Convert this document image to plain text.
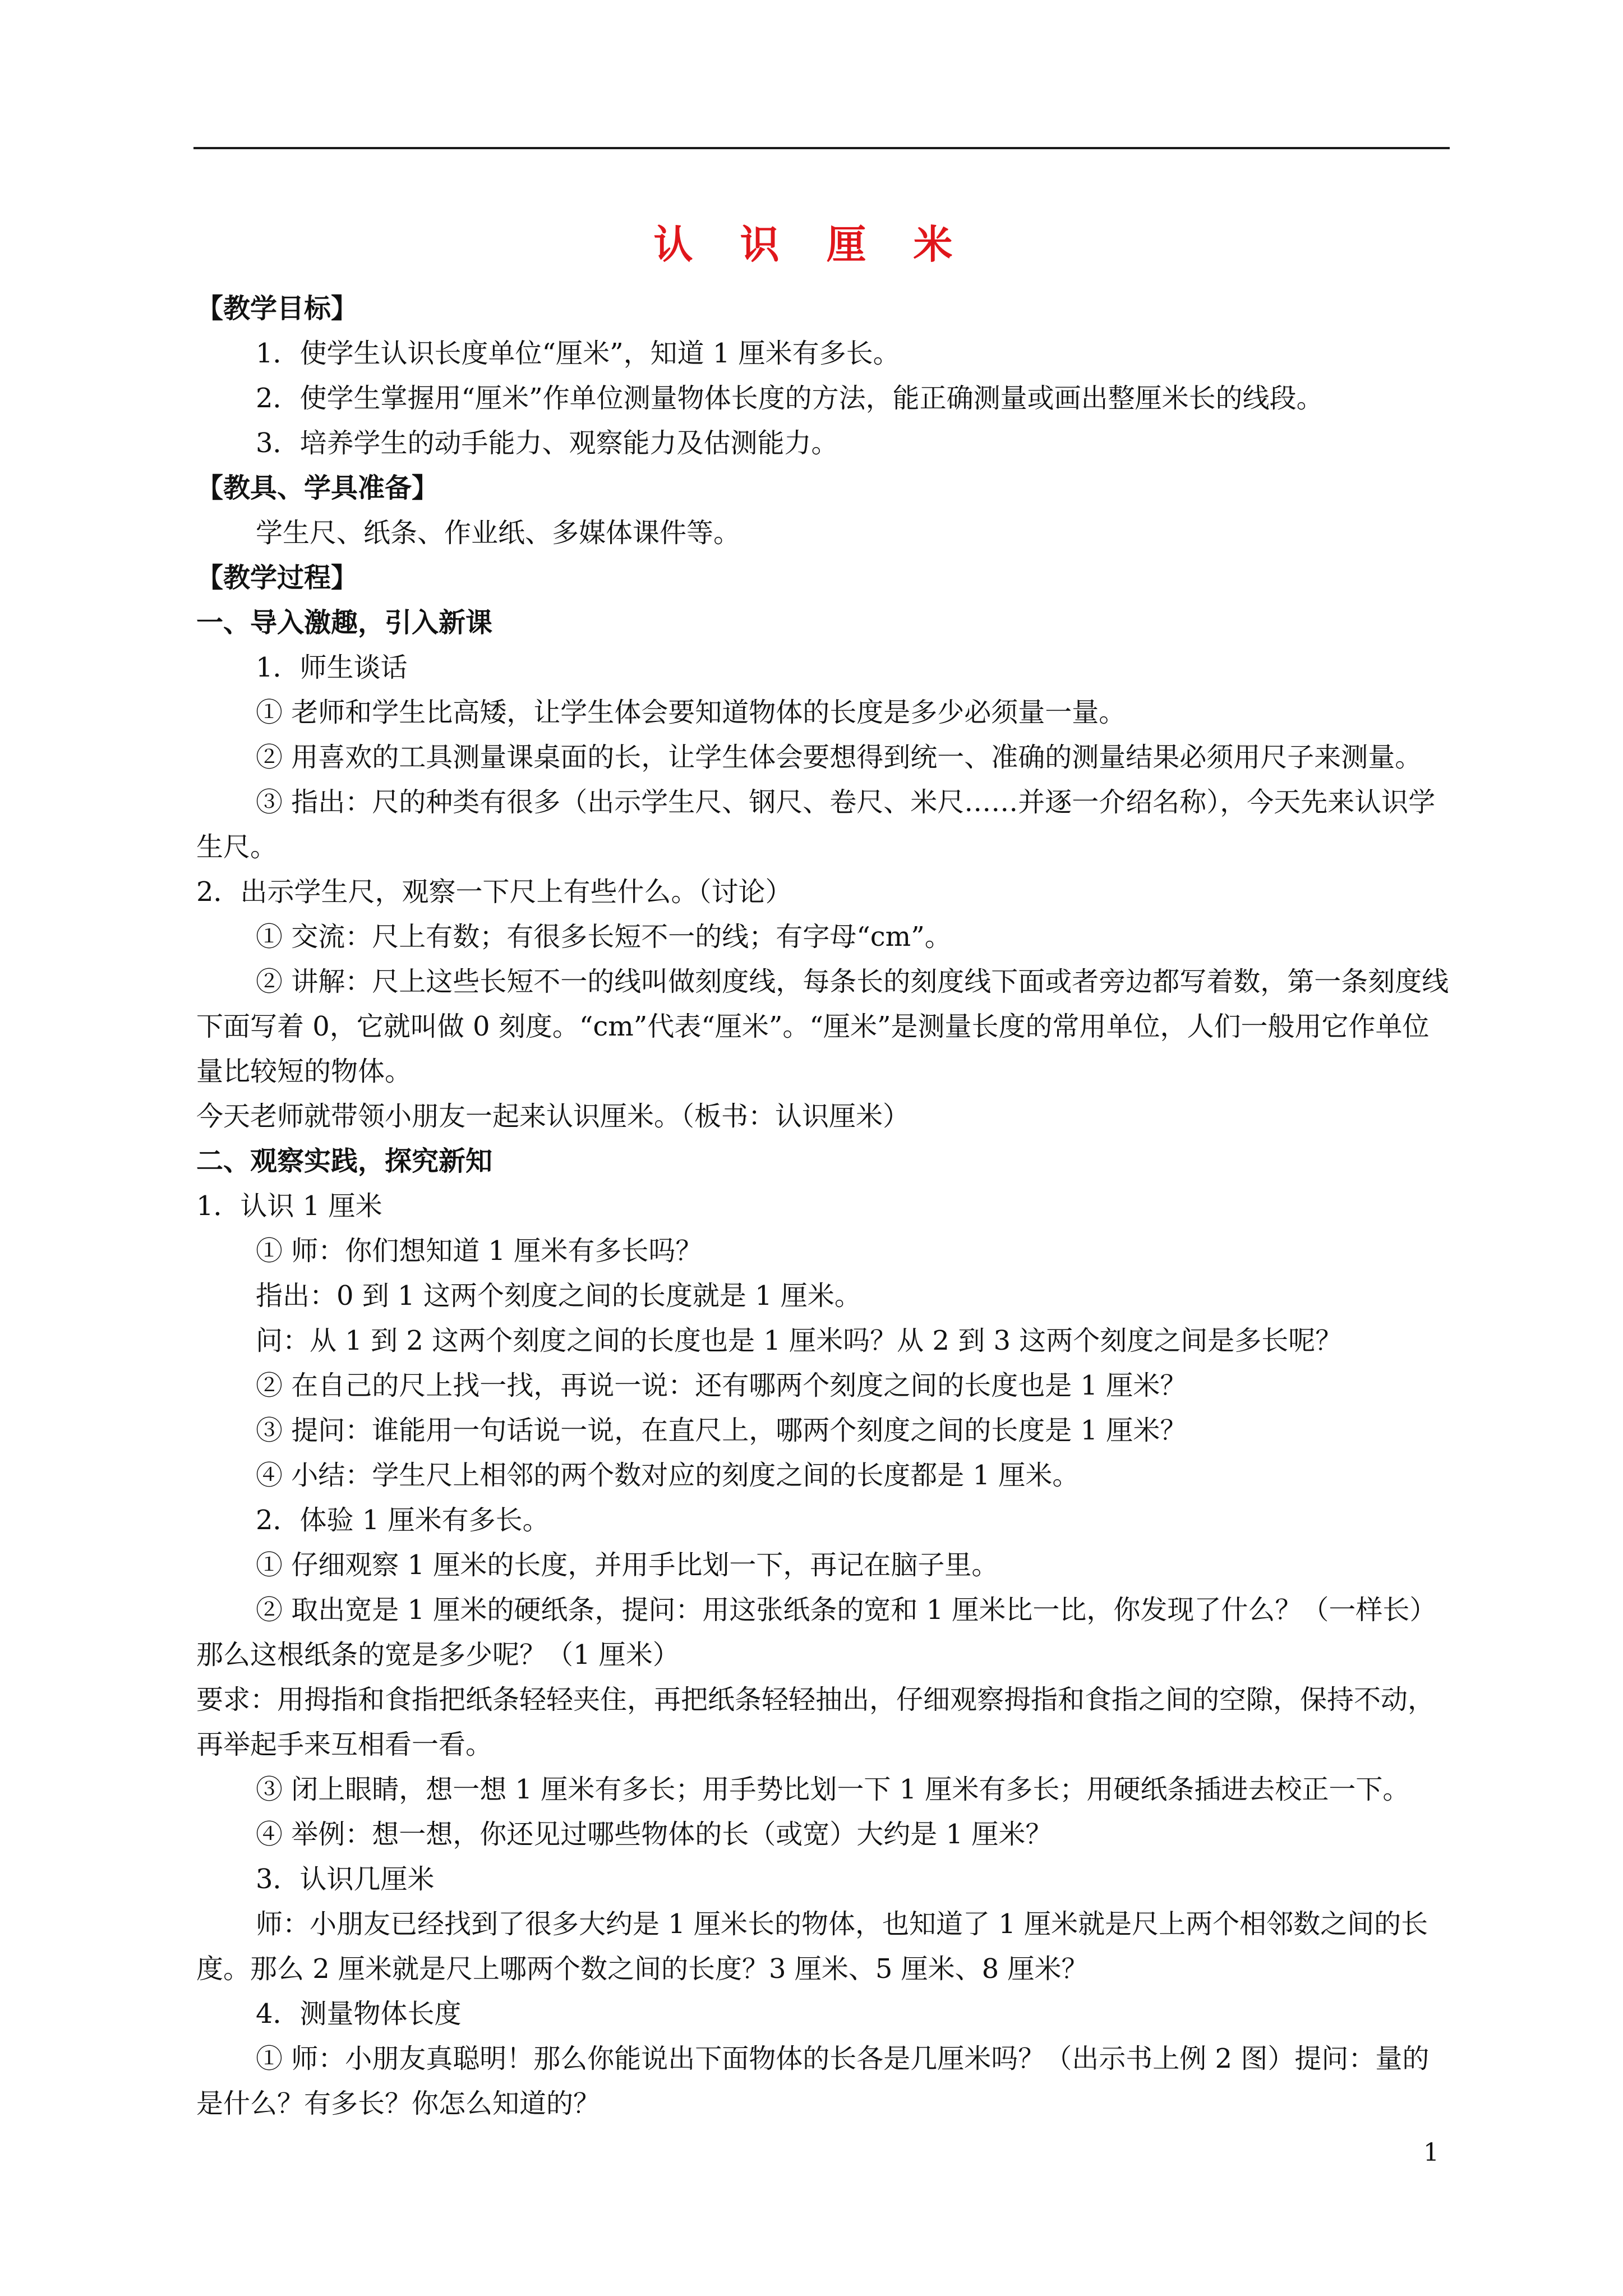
认 识 厘 米

【教学目标】

1．使学生认识长度单位“厘米”，知道 1 厘米有多长。

2．使学生掌握用“厘米”作单位测量物体长度的方法，能正确测量或画出整厘米长的线段。

3．培养学生的动手能力、观察能力及估测能力。

【教具、学具准备】

学生尺、纸条、作业纸、多媒体课件等。

【教学过程】

一、导入激趣，引入新课

1．师生谈话

① 老师和学生比高矮，让学生体会要知道物体的长度是多少必须量一量。

② 用喜欢的工具测量课桌面的长，让学生体会要想得到统一、准确的测量结果必须用尺子来测量。

③ 指出：尺的种类有很多（出示学生尺、钢尺、卷尺、米尺……并逐一介绍名称），今天先来认识学生尺。

2．出示学生尺，观察一下尺上有些什么。（讨论）

① 交流：尺上有数；有很多长短不一的线；有字母“cm”。

② 讲解：尺上这些长短不一的线叫做刻度线，每条长的刻度线下面或者旁边都写着数，第一条刻度线下面写着 0，它就叫做 0 刻度。“cm”代表“厘米”。“厘米”是测量长度的常用单位，人们一般用它作单位量比较短的物体。

今天老师就带领小朋友一起来认识厘米。（板书：认识厘米）

二、观察实践，探究新知

1．认识 1 厘米

① 师：你们想知道 1 厘米有多长吗？

指出：0 到 1 这两个刻度之间的长度就是 1 厘米。

问：从 1 到 2 这两个刻度之间的长度也是 1 厘米吗？从 2 到 3 这两个刻度之间是多长呢？

② 在自己的尺上找一找，再说一说：还有哪两个刻度之间的长度也是 1 厘米？

③ 提问：谁能用一句话说一说，在直尺上，哪两个刻度之间的长度是 1 厘米？

④ 小结：学生尺上相邻的两个数对应的刻度之间的长度都是 1 厘米。

2．体验 1 厘米有多长。

① 仔细观察 1 厘米的长度，并用手比划一下，再记在脑子里。

② 取出宽是 1 厘米的硬纸条，提问：用这张纸条的宽和 1 厘米比一比，你发现了什么？（一样长）那么这根纸条的宽是多少呢？（1 厘米）

要求：用拇指和食指把纸条轻轻夹住，再把纸条轻轻抽出，仔细观察拇指和食指之间的空隙，保持不动，再举起手来互相看一看。

③ 闭上眼睛，想一想 1 厘米有多长；用手势比划一下 1 厘米有多长；用硬纸条插进去校正一下。

④ 举例：想一想，你还见过哪些物体的长（或宽）大约是 1 厘米？

3．认识几厘米

师：小朋友已经找到了很多大约是 1 厘米长的物体，也知道了 1 厘米就是尺上两个相邻数之间的长度。那么 2 厘米就是尺上哪两个数之间的长度？3 厘米、5 厘米、8 厘米？

4．测量物体长度

① 师：小朋友真聪明！那么你能说出下面物体的长各是几厘米吗？（出示书上例 2 图）提问：量的是什么？有多长？你怎么知道的？

1
